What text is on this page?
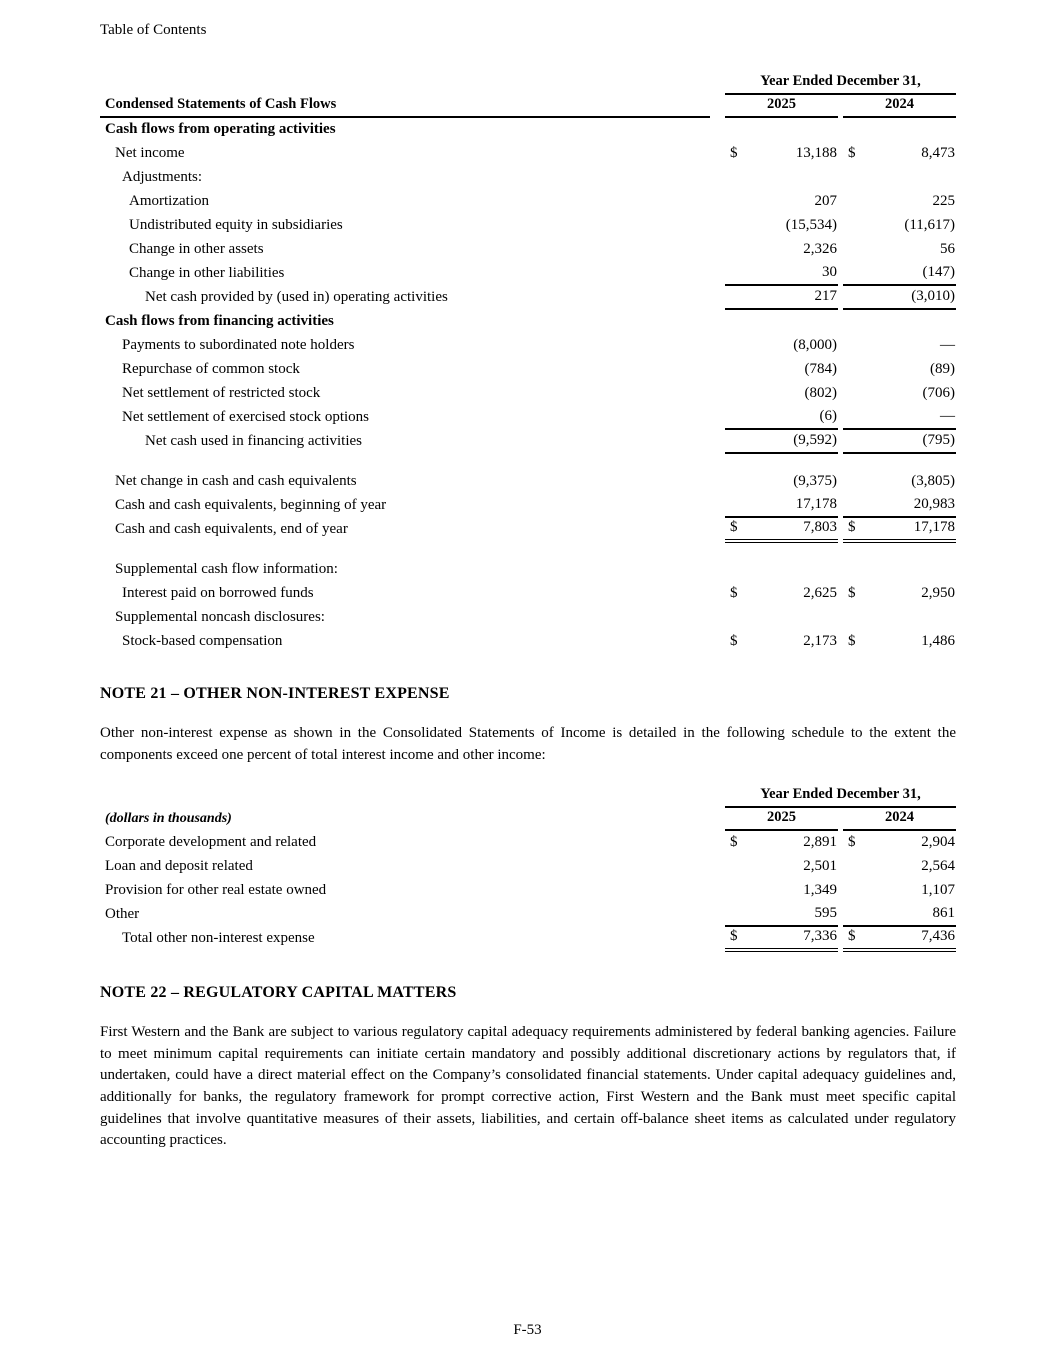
Table of Contents
		Year Ended December 31,		
Condensed Statements of Cash Flows		2025		2024
Cash flows from operating activities		

Net income		$ 13,188		$ 8,473

Adjustments:		

Amortization		207		225

Undistributed equity in subsidiaries		(15,534)		(11,617)

Change in other assets		2,326		56

Change in other liabilities		30		(147)

Net cash provided by (used in) operating activities		217		(3,010)

Cash flows from financing activities		

Payments to subordinated note holders		(8,000)		—

Repurchase of common stock		(784)		(89)

Net settlement of restricted stock		(802)		(706)

Net settlement of exercised stock options		(6)		—

Net cash used in financing activities		(9,592)		(795)

Net change in cash and cash equivalents		(9,375)		(3,805)

Cash and cash equivalents, beginning of year		17,178		20,983

Cash and cash equivalents, end of year		$ 7,803		$ 17,178

Supplemental cash flow information:		

Interest paid on borrowed funds		$ 2,625		$ 2,950

Supplemental noncash disclosures:		

Stock-based compensation		$ 2,173		$ 1,486
NOTE 21 – OTHER NON-INTEREST EXPENSE

Other non-interest expense as shown in the Consolidated Statements of Income is detailed in the following schedule to the extent the components exceed one percent of total interest income and other income:

		Year Ended December 31,		
(dollars in thousands)		2025		2024
Corporate development and related		$ 2,891		$ 2,904

Loan and deposit related		2,501		2,564

Provision for other real estate owned		1,349		1,107

Other		595		861

Total other non-interest expense		$ 7,336		$ 7,436
NOTE 22 – REGULATORY CAPITAL MATTERS

First Western and the Bank are subject to various regulatory capital adequacy requirements administered by federal banking agencies. Failure to meet minimum capital requirements can initiate certain mandatory and possibly additional discretionary actions by regulators that, if undertaken, could have a direct material effect on the Company’s consolidated financial statements. Under capital adequacy guidelines and, additionally for banks, the regulatory framework for prompt corrective action, First Western and the Bank must meet specific capital guidelines that involve quantitative measures of their assets, liabilities, and certain off-balance sheet items as calculated under regulatory accounting practices.

F-53
